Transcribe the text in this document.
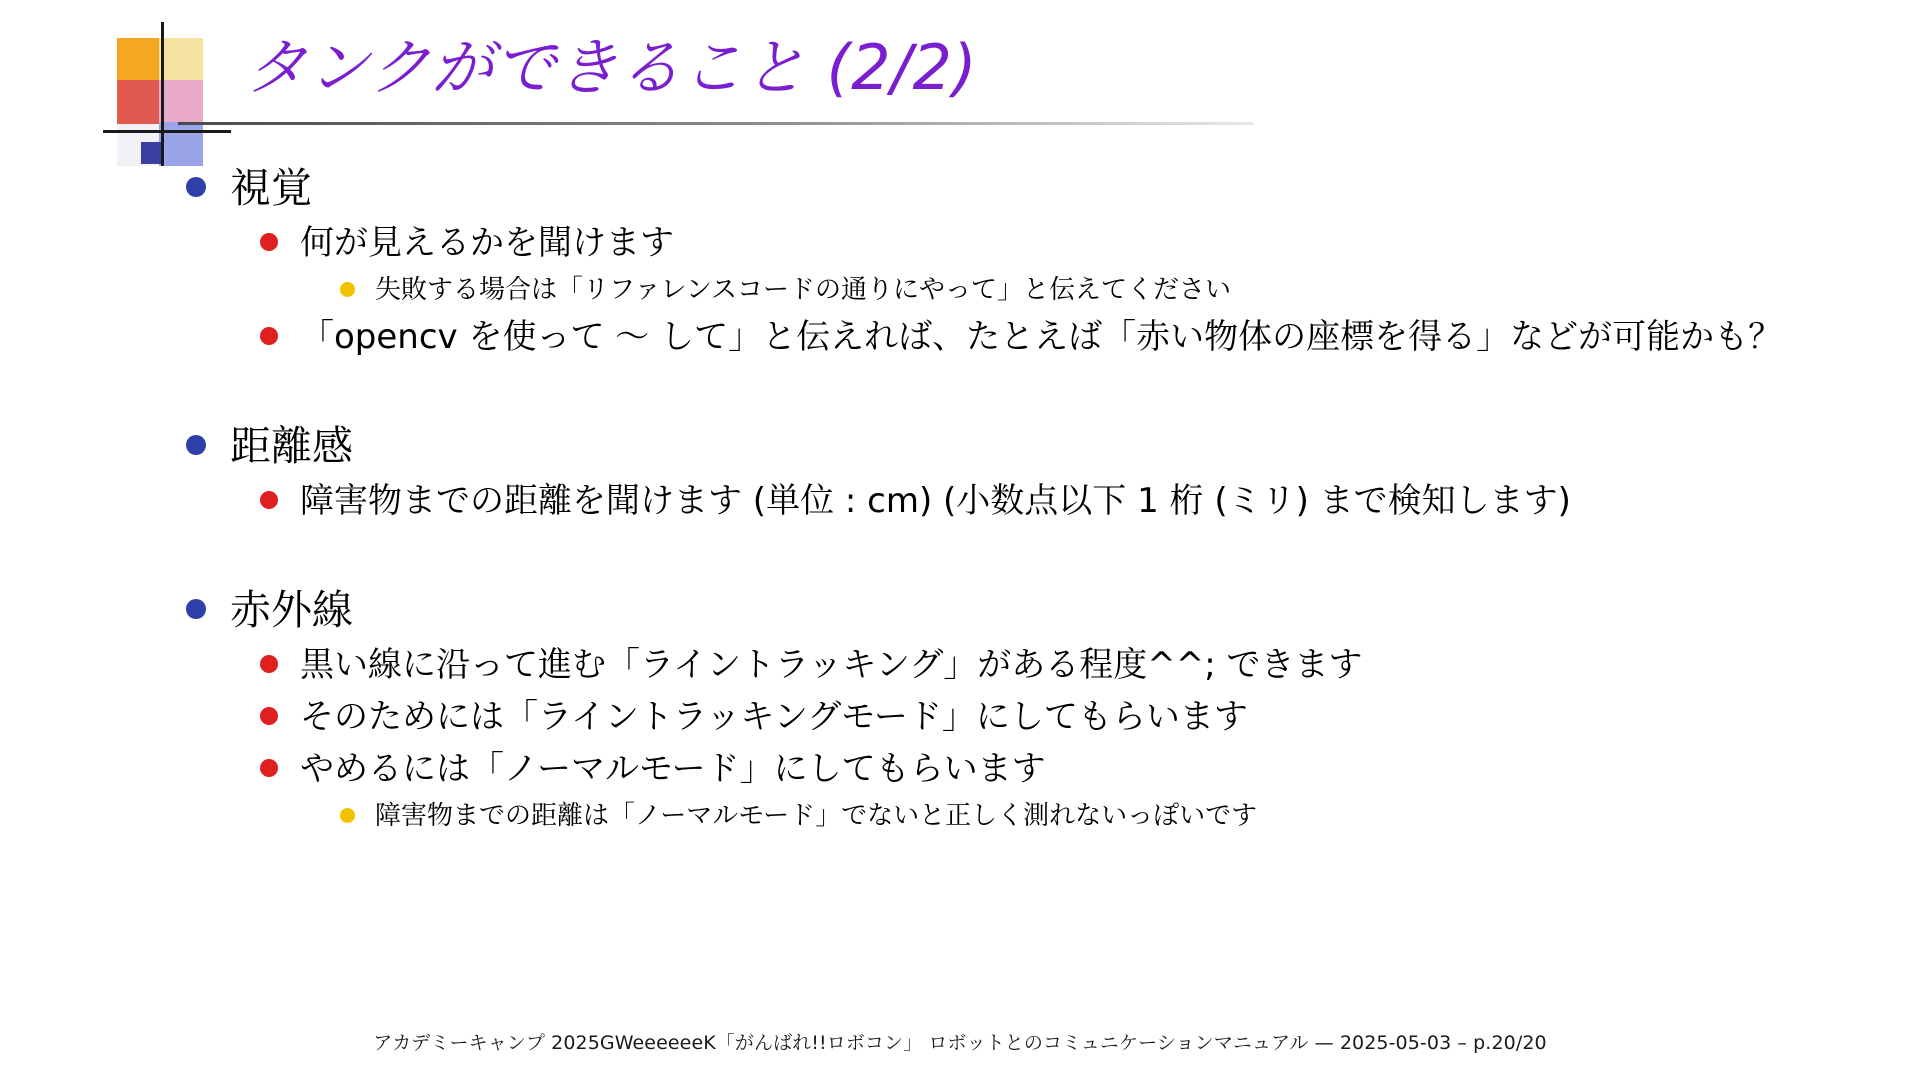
タンクができること (2/2)
視覚
何が見えるかを聞けます
失敗する場合は「リファレンスコードの通りにやって」と伝えてください
「opencv を使って 〜 して」と伝えれば、たとえば「赤い物体の座標を得る」などが可能かも？
距離感
障害物までの距離を聞けます (単位 : cm) (小数点以下 1 桁 (ミリ) まで検知します)
赤外線
黒い線に沿って進む「ライントラッキング」がある程度^^; できます
そのためには「ライントラッキングモード」にしてもらいます
やめるには「ノーマルモード」にしてもらいます
障害物までの距離は「ノーマルモード」でないと正しく測れないっぽいです
アカデミーキャンプ 2025GWeeeeeeK「がんばれ!!ロボコン」 ロボットとのコミュニケーションマニュアル — 2025-05-03 – p.20/20
